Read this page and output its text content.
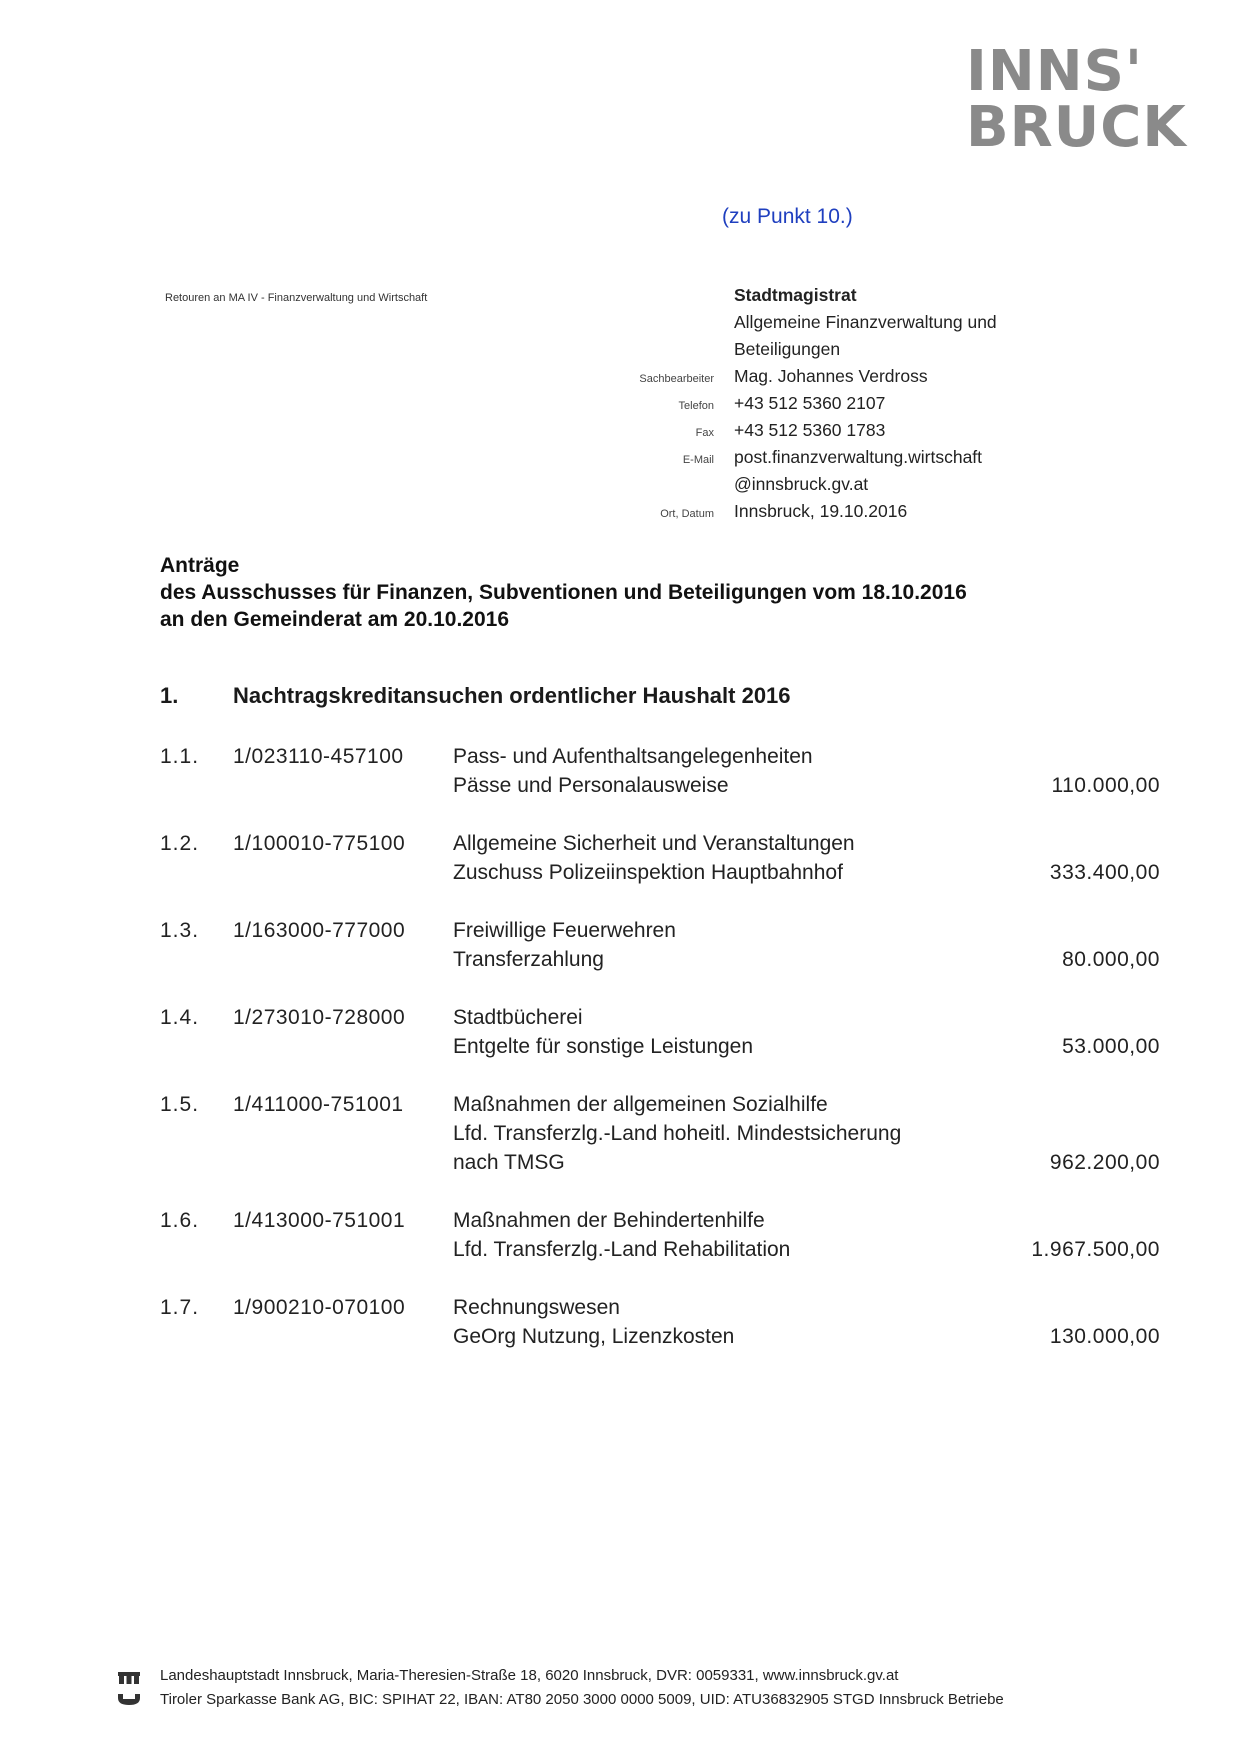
INNS'
BRUCK
(zu Punkt 10.)
Retouren an MA IV - Finanzverwaltung und Wirtschaft	Stadtmagistrat
Allgemeine Finanzverwaltung und
Beteiligungen
Sachbearbeiter	Mag. Johannes Verdross
Telefon	+43 512 5360 2107
Fax	+43 512 5360 1783
E-Mail	post.finanzverwaltung.wirtschaft
@innsbruck.gv.at
Ort, Datum	Innsbruck, 19.10.2016
Anträge
des Ausschusses für Finanzen, Subventionen und Beteiligungen vom 18.10.2016
an den Gemeinderat am 20.10.2016
1.	Nachtragskreditansuchen ordentlicher Haushalt 2016
1.1. 1/023110-457100 Pass- und Aufenthaltsangelegenheiten
Pässe und Personalausweise	110.000,00
1.2. 1/100010-775100 Allgemeine Sicherheit und Veranstaltungen
Zuschuss Polizeiinspektion Hauptbahnhof	333.400,00
1.3. 1/163000-777000 Freiwillige Feuerwehren
Transferzahlung	80.000,00
1.4. 1/273010-728000 Stadtbücherei
Entgelte für sonstige Leistungen	53.000,00
1.5. 1/411000-751001 Maßnahmen der allgemeinen Sozialhilfe
Lfd. Transferzlg.-Land hoheitl. Mindestsicherung
nach TMSG	962.200,00
1.6. 1/413000-751001 Maßnahmen der Behindertenhilfe
Lfd. Transferzlg.-Land Rehabilitation	1.967.500,00
1.7. 1/900210-070100 Rechnungswesen
GeOrg Nutzung, Lizenzkosten	130.000,00
Landeshauptstadt Innsbruck, Maria-Theresien-Straße 18, 6020 Innsbruck, DVR: 0059331, www.innsbruck.gv.at
Tiroler Sparkasse Bank AG, BIC: SPIHAT 22, IBAN: AT80 2050 3000 0000 5009, UID: ATU36832905 STGD Innsbruck Betriebe
